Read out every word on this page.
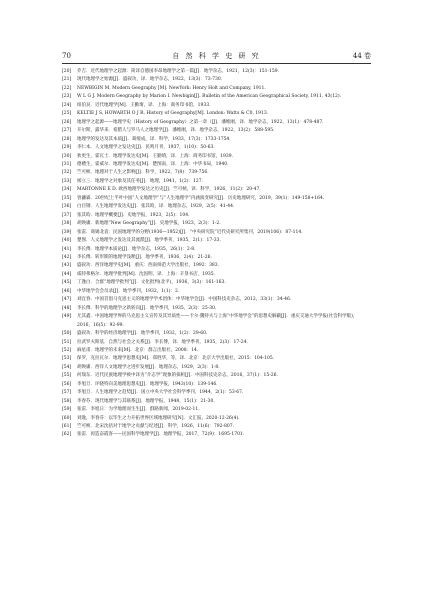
70	自 然 科 学 史 研 究	44 卷
[20] 乔吉．近代地理学之起源：简译自德国李昂地理学之第一篇[J]．地学杂志，1921，12(3)：151-159．
[21] 现代地理学之始源[J]．盛叙功，译．地学杂志，1922，13(3)：73-730．
[22] NEWBIGIN M. Modern Geography [M]. NewYork: Henry Holt and Company, 1911.
[23] W L G J. Modern Geography by Marion I. Newbigin[J]. Bulletin of the American Geographical Society, 1911, 43(12).
[24] 纽伯艮．近代地理学[M]．王勤堉，译．上海：商务印书馆，1933．
[25] KELTIE J S, HOWARTH O J R. History of Geography[M]. London: Watts & C0, 1913.
[26] 地理学之起源——地理学史（History of Geography）之第一章（[J]．潘维刚，译．地学杂志，1922，13(1)：478-487．
[27] 开尔斯，露华来．希腊人与罗马人之地理学[J]．潘维刚，译．地学杂志，1922，13(2)：588-595．
[28] 地理学的发达及其本质[J]．葛缓成，译．科学，1933，17(3)：1733-1754．
[29] 李仁本．人文地理学之发达史[J]．民鸣月刊，1937，1(10)：50-63．
[30] 狄更生，霍瓦士．地理学发达史[M]．王勤堉，译．上海：商务印书馆，1939．
[31] 德禮生，霍威尔．地理学发达史[M]．楚图南，译．上海：中华书局，1940．
[32] 竺可桢．地理对于人生之影响[J]．科学，1922，7(8)：739-756．
[33] 闻立三．地理学之对象及其任务[J]．地理，1941，1(2)：127．
[34] MARTONNE E D. 欧西地理学发达之历史[J]．竺可桢，译．科学，1926，11(2)：20-47．
[35] 曾濂霖．20世纪上半叶中国“人文地理学”与“人生地理学”内涵演变研究[J]．历史地理研究，2019，39(1)：149-158+164．
[36] 白目钢．人生地理学发达史[J]．张其昀，译．地理杂志，1929，2(5)：41-44．
[37] 张其昀．地理学概要[J]．史地学报，1923，2(5)：104．
[38] 胡焕庸．新地理“New Geography”[J]．史地学报，1923，2(3)：1-2．
[39] 张雷．商锡北袁：民国地理学的分野(1936—1952)[J]．“中央研究院”近代史研究所集刊，2019(106)：87-114．
[40] 楚图．人文地理学之发达及其流派[J]．地学季刊，1935，2(1)：17-33．
[41] 李长傅．地理学本质论[J]．地学杂志，1935，26(1)：2-8．
[42] 李长傅．转形期的地理学浅释[J]．地学季刊，1936，2(4)：21-26．
[43] 盛叙功．西洋地理学史[M]．重庆：西南师范大学出版社，1992：383．
[44] 威特弗格尔．地理学批判[M]．沈因明，译．上海：辛垦书店，1935．
[45] 丁逢白．合群“地理学批判”[J]．文化批判(北平)，1936，3(3)：161-163．
[46] 中华地学会会员录[J]．地学季刊，1932，1(1)：2．
[47] 刘宜春．中国首倡马克思主义的地理学学术团体：中华地学会[J]．中国科技史杂志，2012，33(1)：34-46．
[48] 李长傅．科学的地理学之新转向[J]．地学季刊，1935，2(3)：25-30．
[49] 尤其鑫．中国地理学界的马克思主义宣传及其异质性——卡尔·魏特夫与上海“中华地学会”的思想史解蔽[J]．重庆交通大学学报(社会科学版)，2016，16(5)：92-99．
[50] 盛叙功．科学的经济地理学[J]．地学季刊，1932，1(2)：29-60．
[51] 拉武罗夫斯基．自然与社会之关系[J]．李长傅，译．地学季刊，1935，2(3)：17-24．
[52] 麻星甫．地理学的未来[M]．北京：群言出版社，2008：14．
[53] 保罗，克拉瓦尔．地理学思想史[M]．郑胜华，等，译．北京：北京大学出版社，2015：104-105．
[54] 胡焕庸．西洋人文地理学之进步发展[J]．地理杂志，1929，2(3)：1-8．
[55] 何瑞东．近代民族地理学被中译为“介志学”现象的探析[J]．中国科技史杂志，2016，37(1)：15-26．
[56] 李旭旦．评晓特向美地理思想史[J]．地理学报，1943(10)：139-146．
[57] 李旭旦．人生地理学之趋势[J]．国立中央大学社会科学季刊，1944，2(1)：53-67．
[58] 李春芬．现代地理学与其联系[J]．地理学报，1948，15(1)：21-30．
[59] 张雷．李旭日：为学地理而生生[J]．群路新闻，2019-02-11．
[60] 刘逸，李春芬：以毕生之力开拓世界区域地理研究[N]．文汇报，2020-12-26(4)．
[61] 竺可桢．北宋沈括对于地学之贡献与纪述[J]．科学，1926，11(6)：792-807．
[62] 张雷．再造奋霞客——民国科学地理学[J]．地理学报，2017，72(9)：1695-1701．
